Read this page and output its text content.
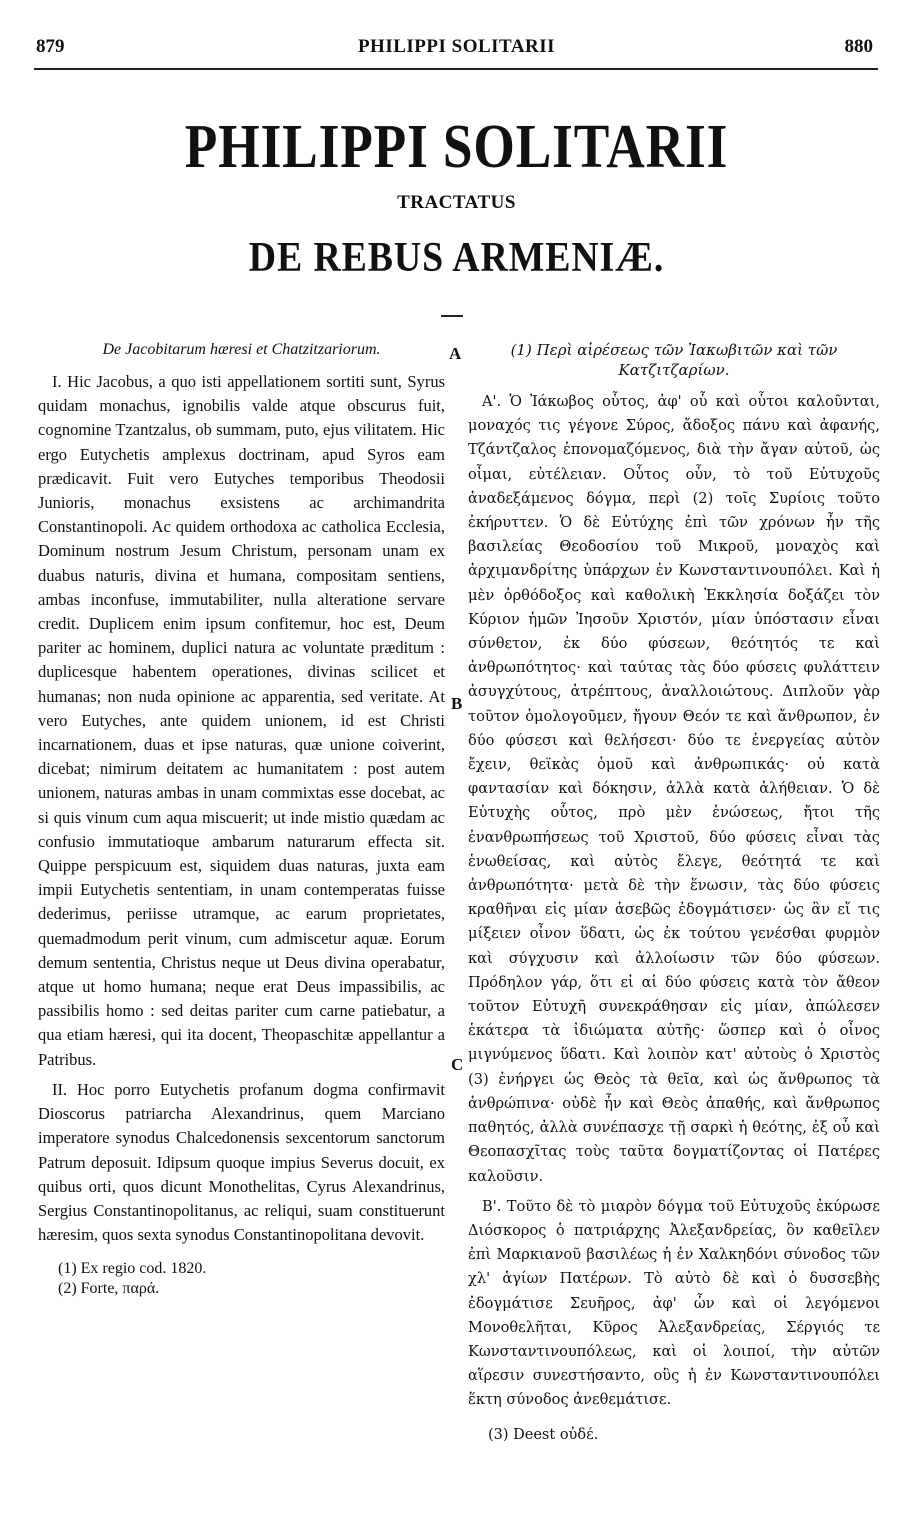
879	PHILIPPI SOLITARII	880
PHILIPPI SOLITARII
TRACTATUS
DE REBUS ARMENIÆ.
A
B
C
De Jacobitarum hæresi et Chatzitzariorum.

I. Hic Jacobus, a quo isti appellationem sortiti sunt, Syrus quidam monachus, ignobilis valde atque obscurus fuit, cognomine Tzantzalus, ob summam, puto, ejus vilitatem. Hic ergo Eutychetis amplexus doctrinam, apud Syros eam prædicavit. Fuit vero Eutyches temporibus Theodosii Junioris, monachus exsistens ac archimandrita Constantinopoli. Ac quidem orthodoxa ac catholica Ecclesia, Dominum nostrum Jesum Christum, personam unam ex duabus naturis, divina et humana, compositam sentiens, ambas inconfuse, immutabiliter, nulla alteratione servare credit. Duplicem enim ipsum confitemur, hoc est, Deum pariter ac hominem, duplici natura ac voluntate præditum : duplicesque habentem operationes, divinas scilicet et humanas; non nuda opinione ac apparentia, sed veritate. At vero Eutyches, ante quidem unionem, id est Christi incarnationem, duas et ipse naturas, quæ unione coiverint, dicebat; nimirum deitatem ac humanitatem : post autem unionem, naturas ambas in unam commixtas esse docebat, ac si quis vinum cum aqua miscuerit; ut inde mistio quædam ac confusio immutatioque ambarum naturarum effecta sit. Quippe perspicuum est, siquidem duas naturas, juxta eam impii Eutychetis sententiam, in unam contemperatas fuisse dederimus, periisse utramque, ac earum proprietates, quemadmodum perit vinum, cum admiscetur aquæ. Eorum demum sententia, Christus neque ut Deus divina operabatur, atque ut homo humana; neque erat Deus impassibilis, ac passibilis homo : sed deitas pariter cum carne patiebatur, a qua etiam hæresi, qui ita docent, Theopaschitæ appellantur a Patribus.

II. Hoc porro Eutychetis profanum dogma confirmavit Dioscorus patriarcha Alexandrinus, quem Marciano imperatore synodus Chalcedonensis sexcentorum sanctorum Patrum deposuit. Idipsum quoque impius Severus docuit, ex quibus orti, quos dicunt Monothelitas, Cyrus Alexandrinus, Sergius Constantinopolitanus, ac reliqui, suam constituerunt hæresim, quos sexta synodus Constantinopolitana devovit.

(1) Ex regio cod. 1820.

(2) Forte, παρά.

(1) Περὶ αἱρέσεως τῶν Ἰακωβιτῶν καὶ τῶν Κατζιτζαρίων.

Α'. Ὁ Ἰάκωβος οὗτος, ἀφ' οὗ καὶ οὗτοι καλοῦνται, μοναχός τις γέγονε Σύρος, ἄδοξος πάνυ καὶ ἀφανής, Τζάντζαλος ἐπονομαζόμενος, διὰ τὴν ἄγαν αὐτοῦ, ὡς οἶμαι, εὐτέλειαν. Οὗτος οὖν, τὸ τοῦ Εὐτυχοῦς ἀναδεξάμενος δόγμα, περὶ (2) τοῖς Συρίοις τοῦτο ἐκήρυττεν. Ὁ δὲ Εὐτύχης ἐπὶ τῶν χρόνων ἦν τῆς βασιλείας Θεοδοσίου τοῦ Μικροῦ, μοναχὸς καὶ ἀρχιμανδρίτης ὑπάρχων ἐν Κωνσταντινουπόλει. Καὶ ἡ μὲν ὀρθόδοξος καὶ καθολικὴ Ἐκκλησία δοξάζει τὸν Κύριον ἡμῶν Ἰησοῦν Χριστόν, μίαν ὑπόστασιν εἶναι σύνθετον, ἐκ δύο φύσεων, θεότητός τε καὶ ἀνθρωπότητος· καὶ ταύτας τὰς δύο φύσεις φυλάττειν ἀσυγχύτους, ἀτρέπτους, ἀναλλοιώτους. Διπλοῦν γὰρ τοῦτον ὁμολογοῦμεν, ἤγουν Θεόν τε καὶ ἄνθρωπον, ἐν δύο φύσεσι καὶ θελήσεσι· δύο τε ἐνεργείας αὐτὸν ἔχειν, θεϊκὰς ὁμοῦ καὶ ἀνθρωπικάς· οὐ κατὰ φαντασίαν καὶ δόκησιν, ἀλλὰ κατὰ ἀλήθειαν. Ὁ δὲ Εὐτυχὴς οὗτος, πρὸ μὲν ἑνώσεως, ἤτοι τῆς ἐνανθρωπήσεως τοῦ Χριστοῦ, δύο φύσεις εἶναι τὰς ἑνωθείσας, καὶ αὐτὸς ἔλεγε, θεότητά τε καὶ ἀνθρωπότητα· μετὰ δὲ τὴν ἕνωσιν, τὰς δύο φύσεις κραθῆναι εἰς μίαν ἀσεβῶς ἐδογμάτισεν· ὡς ἂν εἴ τις μίξειεν οἶνον ὕδατι, ὡς ἐκ τούτου γενέσθαι φυρμὸν καὶ σύγχυσιν καὶ ἀλλοίωσιν τῶν δύο φύσεων. Πρόδηλον γάρ, ὅτι εἰ αἱ δύο φύσεις κατὰ τὸν ἄθεον τοῦτον Εὐτυχῆ συνεκράθησαν εἰς μίαν, ἀπώλεσεν ἑκάτερα τὰ ἰδιώματα αὐτῆς· ὥσπερ καὶ ὁ οἶνος μιγνύμενος ὕδατι. Καὶ λοιπὸν κατ' αὐτοὺς ὁ Χριστὸς (3) ἐνήργει ὡς Θεὸς τὰ θεῖα, καὶ ὡς ἄνθρωπος τὰ ἀνθρώπινα· οὐδὲ ἦν καὶ Θεὸς ἀπαθής, καὶ ἄνθρωπος παθητός, ἀλλὰ συνέπασχε τῇ σαρκὶ ἡ θεότης, ἐξ οὗ καὶ Θεοπασχῖτας τοὺς ταῦτα δογματίζοντας οἱ Πατέρες καλοῦσιν.

Β'. Τοῦτο δὲ τὸ μιαρὸν δόγμα τοῦ Εὐτυχοῦς ἐκύρωσε Διόσκορος ὁ πατριάρχης Ἀλεξανδρείας, ὃν καθεῖλεν ἐπὶ Μαρκιανοῦ βασιλέως ἡ ἐν Χαλκηδόνι σύνοδος τῶν χλ' ἁγίων Πατέρων. Τὸ αὐτὸ δὲ καὶ ὁ δυσσεβὴς ἐδογμάτισε Σευῆρος, ἀφ' ὧν καὶ οἱ λεγόμενοι Μονοθελῆται, Κῦρος Ἀλεξανδρείας, Σέργιός τε Κωνσταντινουπόλεως, καὶ οἱ λοιποί, τὴν αὐτῶν αἵρεσιν συνεστήσαντο, οὓς ἡ ἐν Κωνσταντινουπόλει ἕκτη σύνοδος ἀνεθεμάτισε.

(3) Deest οὐδέ.
